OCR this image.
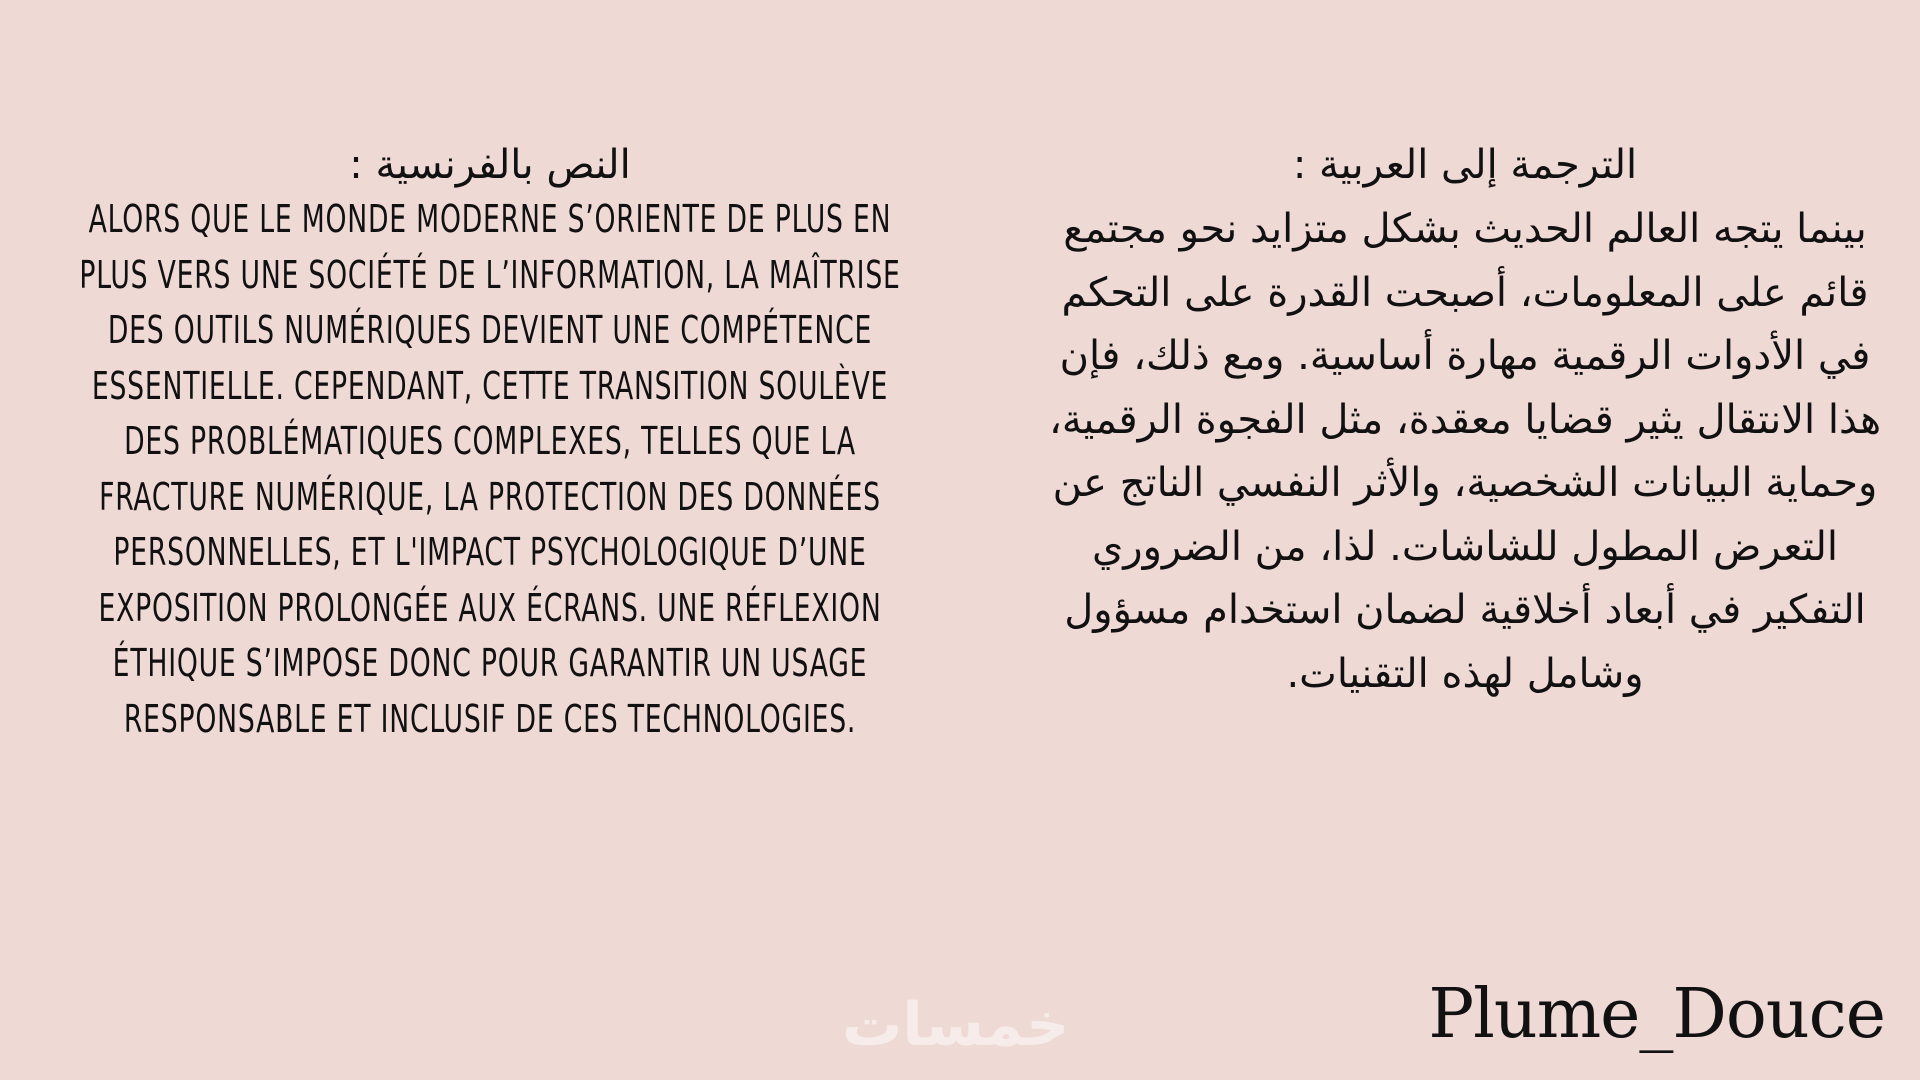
النص بالفرنسية :
ALORS QUE LE MONDE MODERNE S’ORIENTE DE PLUS EN PLUS VERS UNE SOCIÉTÉ DE L’INFORMATION, LA MAÎTRISE DES OUTILS NUMÉRIQUES DEVIENT UNE COMPÉTENCE ESSENTIELLE. CEPENDANT, CETTE TRANSITION SOULÈVE DES PROBLÉMATIQUES COMPLEXES, TELLES QUE LA FRACTURE NUMÉRIQUE, LA PROTECTION DES DONNÉES PERSONNELLES, ET L'IMPACT PSYCHOLOGIQUE D’UNE EXPOSITION PROLONGÉE AUX ÉCRANS. UNE RÉFLEXION ÉTHIQUE S’IMPOSE DONC POUR GARANTIR UN USAGE RESPONSABLE ET INCLUSIF DE CES TECHNOLOGIES.
الترجمة إلى العربية :
بينما يتجه العالم الحديث بشكل متزايد نحو مجتمع قائم على المعلومات، أصبحت القدرة على التحكم في الأدوات الرقمية مهارة أساسية. ومع ذلك، فإن هذا الانتقال يثير قضايا معقدة، مثل الفجوة الرقمية، وحماية البيانات الشخصية، والأثر النفسي الناتج عن التعرض المطول للشاشات. لذا، من الضروري التفكير في أبعاد أخلاقية لضمان استخدام مسؤول وشامل لهذه التقنيات.
خمسات	Plume_Douce
